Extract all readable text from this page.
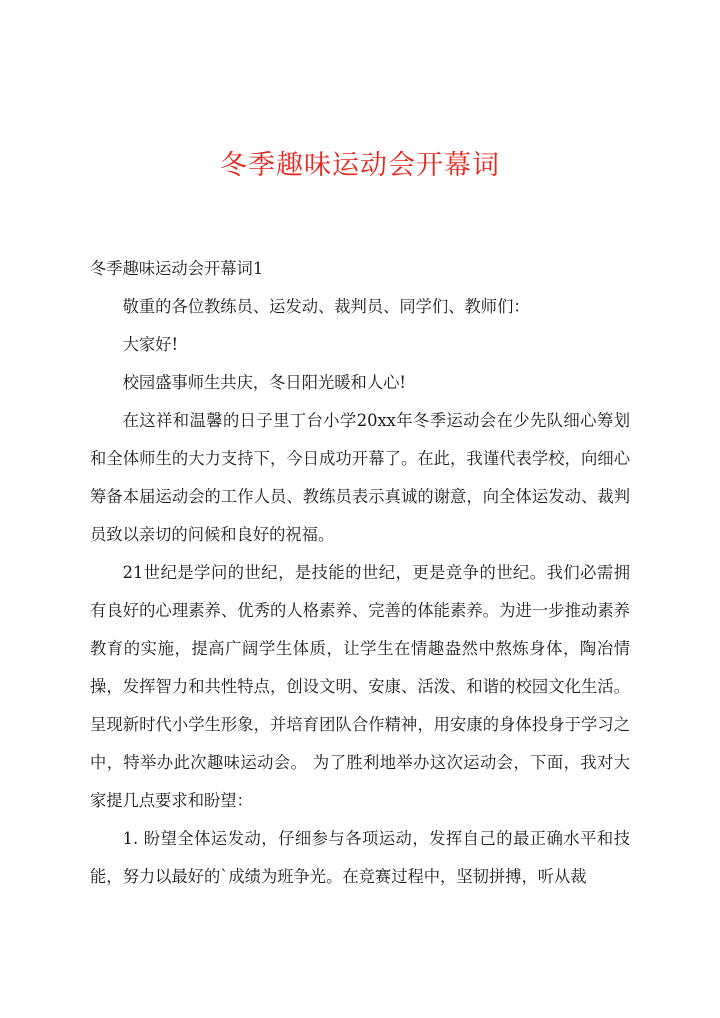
冬季趣味运动会开幕词

冬季趣味运动会开幕词1

敬重的各位教练员、运发动、裁判员、同学们、教师们：

大家好!

校园盛事师生共庆，冬日阳光暖和人心!

在这祥和温馨的日子里丁台小学20xx年冬季运动会在少先队细心筹划和全体师生的大力支持下，今日成功开幕了。在此，我谨代表学校，向细心筹备本届运动会的工作人员、教练员表示真诚的谢意，向全体运发动、裁判员致以亲切的问候和良好的祝福。

21世纪是学问的世纪，是技能的世纪，更是竞争的世纪。我们必需拥有良好的心理素养、优秀的人格素养、完善的体能素养。为进一步推动素养教育的实施，提高广阔学生体质，让学生在情趣盎然中熬炼身体，陶冶情操，发挥智力和共性特点，创设文明、安康、活泼、和谐的校园文化生活。呈现新时代小学生形象，并培育团队合作精神，用安康的身体投身于学习之中，特举办此次趣味运动会。 为了胜利地举办这次运动会，下面，我对大家提几点要求和盼望：

1. 盼望全体运发动，仔细参与各项运动，发挥自己的最正确水平和技能，努力以最好的`成绩为班争光。在竞赛过程中，坚韧拼搏，听从裁
